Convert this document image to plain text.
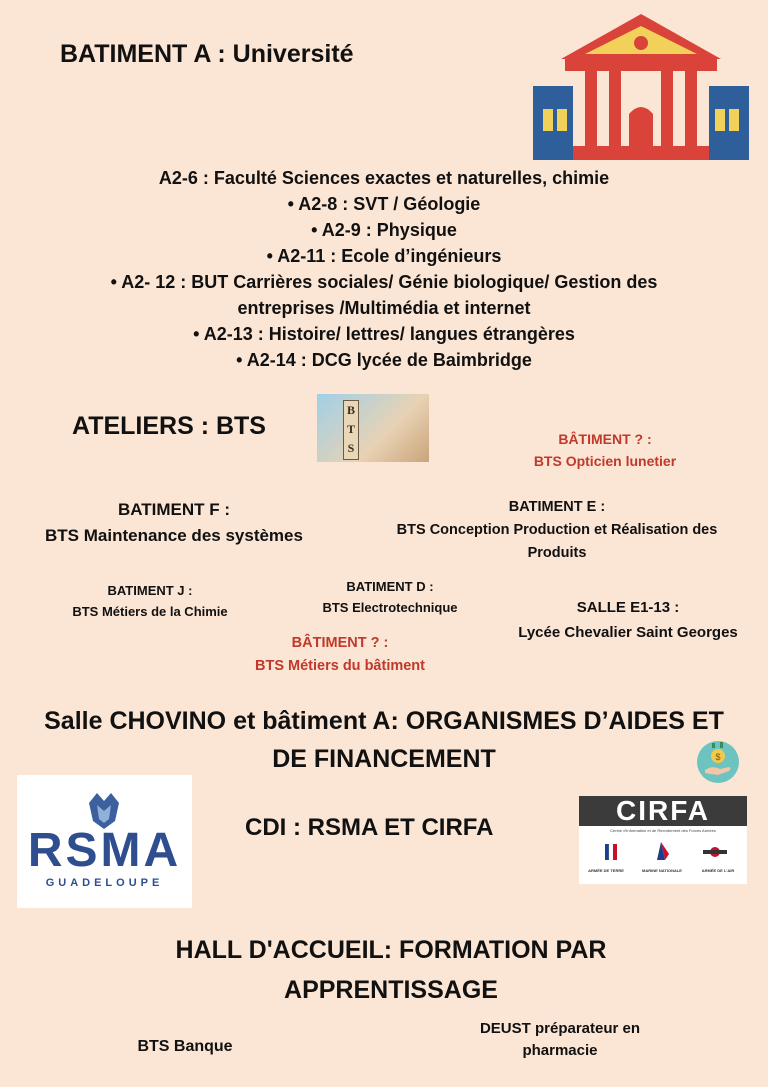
BATIMENT A : Université
A2-6 : Faculté Sciences exactes et naturelles, chimie
• A2-8 : SVT / Géologie
• A2-9 : Physique
• A2-11 : Ecole d’ingénieurs
• A2- 12 : BUT Carrières sociales/ Génie biologique/ Gestion des
entreprises /Multimédia et internet
• A2-13 : Histoire/ lettres/ langues étrangères
• A2-14 : DCG lycée de Baimbridge
ATELIERS : BTS
B
T
S
BÂTIMENT ? :
BTS Opticien lunetier
BATIMENT F :
BTS Maintenance des systèmes
BATIMENT E :
BTS Conception Production et Réalisation des
Produits
BATIMENT J :
BTS Métiers de la Chimie
BATIMENT D :
BTS Electrotechnique	SALLE E1-13 :
Lycée Chevalier Saint Georges
BÂTIMENT ? :
BTS Métiers du bâtiment
Salle CHOVINO et bâtiment A: ORGANISMES D’AIDES ET
DE FINANCEMENT	$
RSMA
GUADELOUPE
CDI : RSMA ET CIRFA
CIRFA
Centre d'Information et de Recrutement des Forces Armées
ARMÉE DE TERRE	MARINE NATIONALE	ARMÉE DE L'AIR
HALL D'ACCUEIL: FORMATION PAR
APPRENTISSAGE
BTS Banque
DEUST préparateur en
pharmacie
